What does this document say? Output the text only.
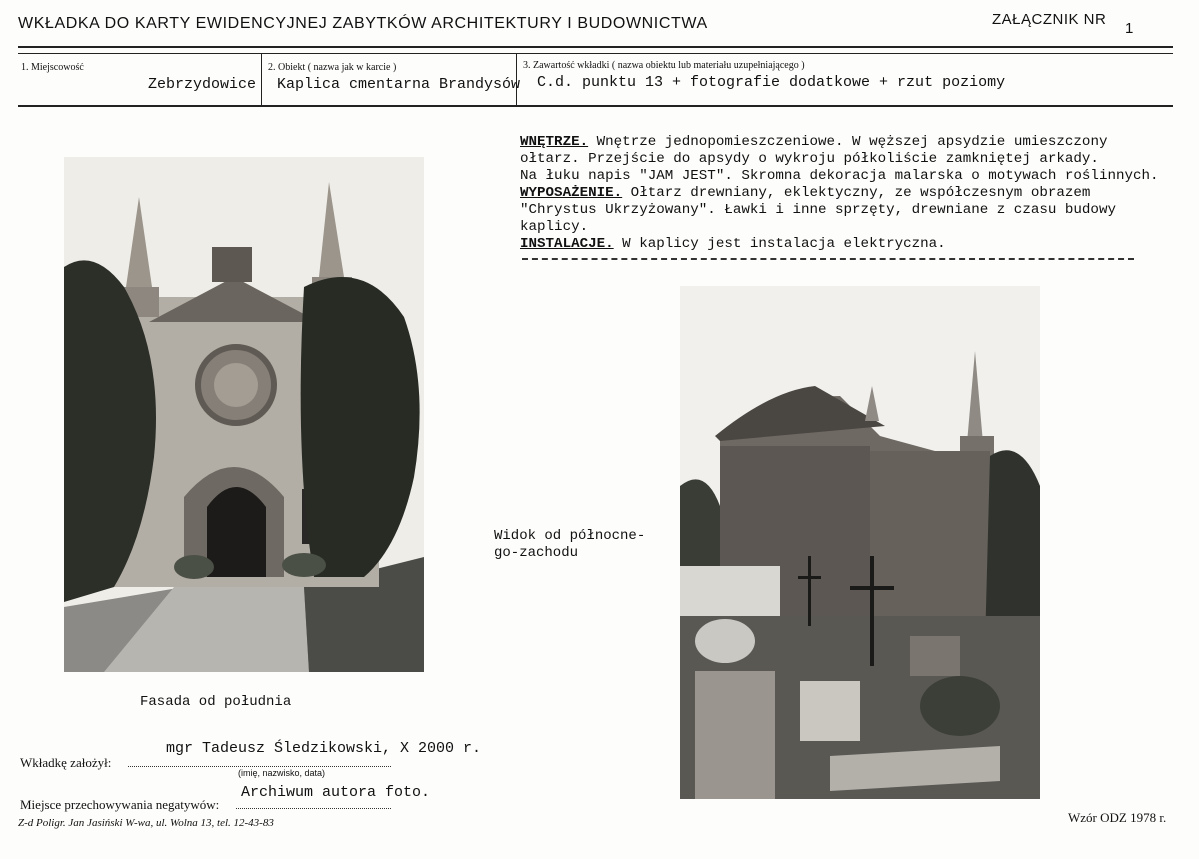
WKŁADKA DO KARTY EWIDENCYJNEJ ZABYTKÓW ARCHITEKTURY I BUDOWNICTWA	ZAŁĄCZNIK NR
1
1. Miejscowość
Zebrzydowice
2. Obiekt ( nazwa jak w karcie )
Kaplica cmentarna Brandysów
3. Zawartość wkładki ( nazwa obiektu lub materiału uzupełniającego )
C.d. punktu 13 + fotografie dodatkowe + rzut poziomy
WNĘTRZE. Wnętrze jednopomieszczeniowe. W węższej apsydzie umieszczony
ołtarz. Przejście do apsydy o wykroju półkoliście zamkniętej arkady.
Na łuku napis "JAM JEST". Skromna dekoracja malarska o motywach roślinnych.
WYPOSAŻENIE. Ołtarz drewniany, eklektyczny, ze współczesnym obrazem
"Chrystus Ukrzyżowany". Ławki i inne sprzęty, drewniane z czasu budowy
kaplicy.
INSTALACJE. W kaplicy jest instalacja elektryczna.
Fasada od południa
Widok od północne-
go-zachodu
Wkładkę założył:
mgr Tadeusz Śledzikowski, X 2000 r.
(imię, nazwisko, data)
Miejsce przechowywania negatywów:
Archiwum autora foto.
Z-d Poligr. Jan Jasiński W-wa, ul. Wolna 13, tel. 12-43-83	Wzór ODZ 1978 r.
